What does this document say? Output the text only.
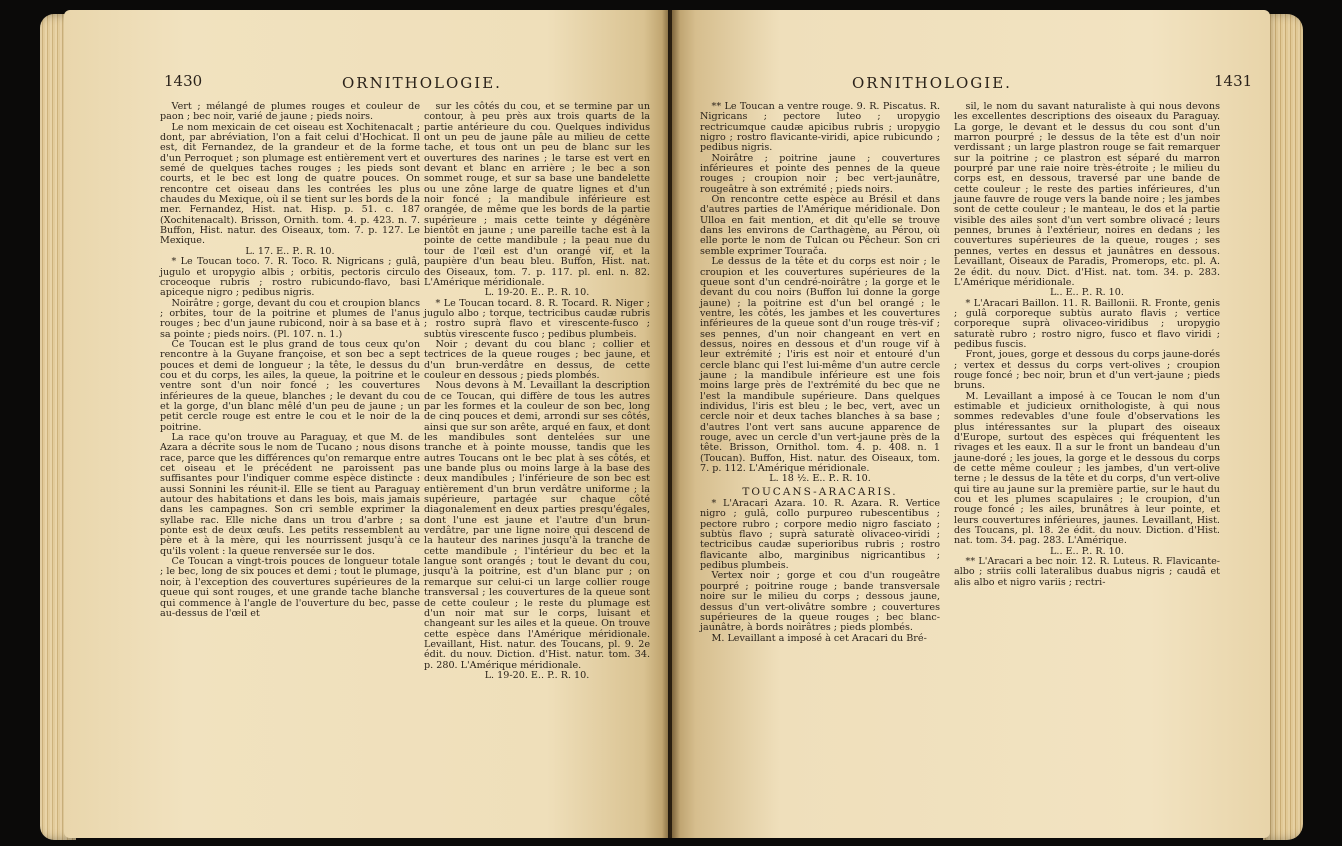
1430	ORNITHOLOGIE.

Vert ; mélangé de plumes rouges et couleur de paon ; bec noir, varié de jaune ; pieds noirs.

Le nom mexicain de cet oiseau est Xochitenacalt ; dont, par abréviation, l'on a fait celui d'Hochicat. Il est, dit Fernandez, de la grandeur et de la forme d'un Perroquet ; son plumage est entièrement vert et semé de quelques taches rouges ; les pieds sont courts, et le bec est long de quatre pouces. On rencontre cet oiseau dans les contrées les plus chaudes du Mexique, où il se tient sur les bords de la mer. Fernandez, Hist. nat. Hisp. p. 51. c. 187 (Xochitenacalt). Brisson, Ornith. tom. 4. p. 423. n. 7. Buffon, Hist. natur. des Oiseaux, tom. 7. p. 127. Le Mexique.

L. 17. E.. P.. R. 10.

* Le Toucan toco. 7. R. Toco. R. Nigricans ; gulâ, jugulo et uropygio albis ; orbitis, pectoris circulo croceoque rubris ; rostro rubicundo-flavo, basi apiceque nigro ; pedibus nigris.

Noirâtre ; gorge, devant du cou et croupion blancs ; orbites, tour de la poitrine et plumes de l'anus rouges ; bec d'un jaune rubicond, noir à sa base et à sa pointe ; pieds noirs. (Pl. 107. n. 1.)

Ce Toucan est le plus grand de tous ceux qu'on rencontre à la Guyane françoise, et son bec a sept pouces et demi de longueur ; la tête, le dessus du cou et du corps, les ailes, la queue, la poitrine et le ventre sont d'un noir foncé ; les couvertures inférieures de la queue, blanches ; le devant du cou et la gorge, d'un blanc mêlé d'un peu de jaune ; un petit cercle rouge est entre le cou et le noir de la poitrine.

La race qu'on trouve au Paraguay, et que M. de Azara a décrite sous le nom de Tucano ; nous disons race, parce que les différences qu'on remarque entre cet oiseau et le précédent ne paroissent pas suffisantes pour l'indiquer comme espèce distincte : aussi Sonnini les réunit-il. Elle se tient au Paraguay autour des habitations et dans les bois, mais jamais dans les campagnes. Son cri semble exprimer la syllabe rac. Elle niche dans un trou d'arbre ; sa ponte est de deux œufs. Les petits ressemblent au père et à la mère, qui les nourrissent jusqu'à ce qu'ils volent : la queue renversée sur le dos.

Ce Toucan a vingt-trois pouces de longueur totale ; le bec, long de six pouces et demi ; tout le plumage, noir, à l'exception des couvertures supérieures de la queue qui sont rouges, et une grande tache blanche qui commence à l'angle de l'ouverture du bec, passe au-dessus de l'œil et

sur les côtés du cou, et se termine par un contour, à peu près aux trois quarts de la partie antérieure du cou. Quelques individus ont un peu de jaune pâle au milieu de cette tache, et tous ont un peu de blanc sur les ouvertures des narines ; le tarse est vert en devant et blanc en arrière ; le bec a son sommet rouge, et sur sa base une bandelette ou une zône large de quatre lignes et d'un noir foncé ; la mandibule inférieure est orangée, de même que les bords de la partie supérieure ; mais cette teinte y dégénère bientôt en jaune ; une pareille tache est à la pointe de cette mandibule ; la peau nue du tour de l'œil est d'un orangé vif, et la paupière d'un beau bleu. Buffon, Hist. nat. des Oiseaux, tom. 7. p. 117. pl. enl. n. 82. L'Amérique méridionale.

L. 19-20. E.. P.. R. 10.

* Le Toucan tocard. 8. R. Tocard. R. Niger ; jugulo albo ; torque, tectricibus caudæ rubris ; rostro suprà flavo et virescente-fusco ; subtùs virescente fusco ; pedibus plumbeis.

Noir ; devant du cou blanc ; collier et tectrices de la queue rouges ; bec jaune, et d'un brun-verdâtre en dessus, de cette couleur en dessous ; pieds plombés.

Nous devons à M. Levaillant la description de ce Toucan, qui diffère de tous les autres par les formes et la couleur de son bec, long de cinq pouces et demi, arrondi sur ses côtés, ainsi que sur son arête, arqué en faux, et dont les mandibules sont dentelées sur une tranche et à pointe mousse, tandis que les autres Toucans ont le bec plat à ses côtés, et une bande plus ou moins large à la base des deux mandibules ; l'inférieure de son bec est entièrement d'un brun verdâtre uniforme ; la supérieure, partagée sur chaque côté diagonalement en deux parties presqu'égales, dont l'une est jaune et l'autre d'un brun-verdâtre, par une ligne noire qui descend de la hauteur des narines jusqu'à la tranche de cette mandibule ; l'intérieur du bec et la langue sont orangés ; tout le devant du cou, jusqu'à la poitrine, est d'un blanc pur ; on remarque sur celui-ci un large collier rouge transversal ; les couvertures de la queue sont de cette couleur ; le reste du plumage est d'un noir mat sur le corps, luisant et changeant sur les ailes et la queue. On trouve cette espèce dans l'Amérique méridionale. Levaillant, Hist. natur. des Toucans, pl. 9. 2e édit. du nouv. Diction. d'Hist. natur. tom. 34. p. 280. L'Amérique méridionale.

L. 19-20. E.. P.. R. 10.

ORNITHOLOGIE.	1431

** Le Toucan a ventre rouge. 9. R. Piscatus. R. Nigricans ; pectore luteo ; uropygio rectricumque caudæ apicibus rubris ; uropygio nigro ; rostro flavicante-viridi, apice rubicundo ; pedibus nigris.

Noirâtre ; poitrine jaune ; couvertures inférieures et pointe des pennes de la queue rouges ; croupion noir ; bec vert-jaunâtre, rougeâtre à son extrémité ; pieds noirs.

On rencontre cette espèce au Brésil et dans d'autres parties de l'Amérique méridionale. Don Ulloa en fait mention, et dit qu'elle se trouve dans les environs de Carthagène, au Pérou, où elle porte le nom de Tulcan ou Pêcheur. Son cri semble exprimer Tourača.

Le dessus de la tête et du corps est noir ; le croupion et les couvertures supérieures de la queue sont d'un cendré-noirâtre ; la gorge et le devant du cou noirs (Buffon lui donne la gorge jaune) ; la poitrine est d'un bel orangé ; le ventre, les côtés, les jambes et les couvertures inférieures de la queue sont d'un rouge très-vif ; ses pennes, d'un noir changeant en vert en dessus, noires en dessous et d'un rouge vif à leur extrémité ; l'iris est noir et entouré d'un cercle blanc qui l'est lui-même d'un autre cercle jaune ; la mandibule inférieure est une fois moins large près de l'extrémité du bec que ne l'est la mandibule supérieure. Dans quelques individus, l'iris est bleu ; le bec, vert, avec un cercle noir et deux taches blanches à sa base ; d'autres l'ont vert sans aucune apparence de rouge, avec un cercle d'un vert-jaune près de la tête. Brisson, Ornithol. tom. 4. p. 408. n. 1 (Toucan). Buffon, Hist. natur. des Oiseaux, tom. 7. p. 112. L'Amérique méridionale.

L. 18 ½. E.. P.. R. 10.

TOUCANS-ARACARIS.

* L'Aracari Azara. 10. R. Azara. R. Vertice nigro ; gulâ, collo purpureo rubescentibus ; pectore rubro ; corpore medio nigro fasciato ; subtùs flavo ; suprà saturatè olivaceo-viridi ; tectricibus caudæ superioribus rubris ; rostro flavicante albo, marginibus nigricantibus ; pedibus plumbeis.

Vertex noir ; gorge et cou d'un rougeâtre pourpré ; poitrine rouge ; bande transversale noire sur le milieu du corps ; dessous jaune, dessus d'un vert-olivâtre sombre ; couvertures supérieures de la queue rouges ; bec blanc-jaunâtre, à bords noirâtres ; pieds plombés.

M. Levaillant a imposé à cet Aracari du Bré-

sil, le nom du savant naturaliste à qui nous devons les excellentes descriptions des oiseaux du Paraguay. La gorge, le devant et le dessus du cou sont d'un marron pourpré ; le dessus de la tête est d'un noir verdissant ; un large plastron rouge se fait remarquer sur la poitrine ; ce plastron est séparé du marron pourpré par une raie noire très-étroite ; le milieu du corps est, en dessous, traversé par une bande de cette couleur ; le reste des parties inférieures, d'un jaune fauvre de rouge vers la bande noire ; les jambes sont de cette couleur ; le manteau, le dos et la partie visible des ailes sont d'un vert sombre olivacé ; leurs pennes, brunes à l'extérieur, noires en dedans ; les couvertures supérieures de la queue, rouges ; ses pennes, vertes en dessus et jaunâtres en dessous. Levaillant, Oiseaux de Paradis, Promerops, etc. pl. A. 2e édit. du nouv. Dict. d'Hist. nat. tom. 34. p. 283. L'Amérique méridionale.

L.. E.. P.. R. 10.

* L'Aracari Baillon. 11. R. Baillonii. R. Fronte, genis ; gulâ corporeque subtùs aurato flavis ; vertice corporeque suprà olivaceo-viridibus ; uropygio saturatè rubro ; rostro nigro, fusco et flavo viridi ; pedibus fuscis.

Front, joues, gorge et dessous du corps jaune-dorés ; vertex et dessus du corps vert-olives ; croupion rouge foncé ; bec noir, brun et d'un vert-jaune ; pieds bruns.

M. Levaillant a imposé à ce Toucan le nom d'un estimable et judicieux ornithologiste, à qui nous sommes redevables d'une foule d'observations les plus intéressantes sur la plupart des oiseaux d'Europe, surtout des espèces qui fréquentent les rivages et les eaux. Il a sur le front un bandeau d'un jaune-doré ; les joues, la gorge et le dessous du corps de cette même couleur ; les jambes, d'un vert-olive terne ; le dessus de la tête et du corps, d'un vert-olive qui tire au jaune sur la première partie, sur le haut du cou et les plumes scapulaires ; le croupion, d'un rouge foncé ; les ailes, brunâtres à leur pointe, et leurs couvertures inférieures, jaunes. Levaillant, Hist. des Toucans, pl. 18. 2e édit. du nouv. Diction. d'Hist. nat. tom. 34. pag. 283. L'Amérique.

L.. E.. P.. R. 10.

** L'Aracari a bec noir. 12. R. Luteus. R. Flavicante-albo ; striis colli lateralibus duabus nigris ; caudâ et alis albo et nigro variis ; rectri-
